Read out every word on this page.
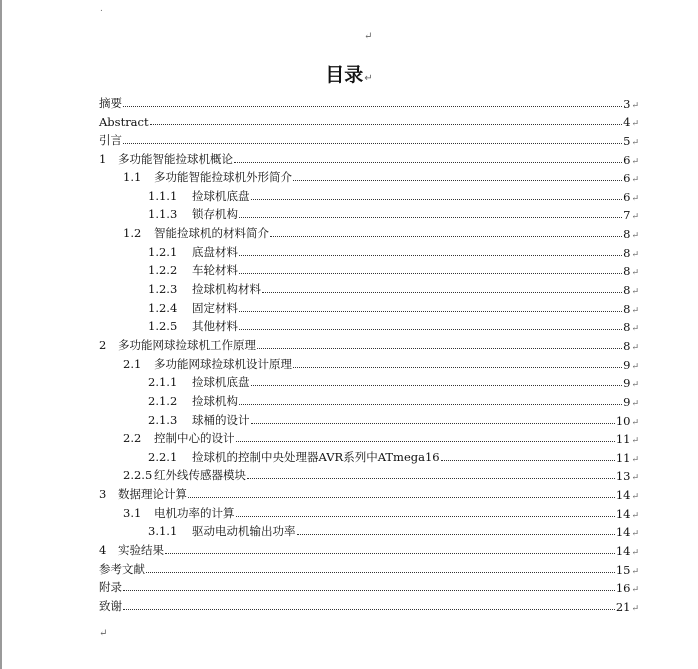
.
↵
目录↵
摘要	3 ↵
Abstract	4 ↵
引言	5 ↵
1 多功能智能捡球机概论	6 ↵
1.1 多功能智能捡球机外形简介	6 ↵
1.1.1 捡球机底盘	6 ↵
1.1.3 锁存机构	7 ↵
1.2 智能捡球机的材料简介	8 ↵
1.2.1 底盘材料	8 ↵
1.2.2 车轮材料	8 ↵
1.2.3 捡球机构材料	8 ↵
1.2.4 固定材料	8 ↵
1.2.5 其他材料	8 ↵
2 多功能网球捡球机工作原理	8 ↵
2.1 多功能网球捡球机设计原理	9 ↵
2.1.1 捡球机底盘	9 ↵
2.1.2 捡球机构	9 ↵
2.1.3 球桶的设计	10 ↵
2.2 控制中心的设计	11 ↵
2.2.1 捡球机的控制中央处理器AVR系列中ATmega16	11 ↵
2.2.5 红外线传感器模块	13 ↵
3 数据理论计算	14 ↵
3.1 电机功率的计算	14 ↵
3.1.1 驱动电动机输出功率	14 ↵
4 实验结果	14 ↵
参考文献	15 ↵
附录	16 ↵
致谢	21 ↵
↵
